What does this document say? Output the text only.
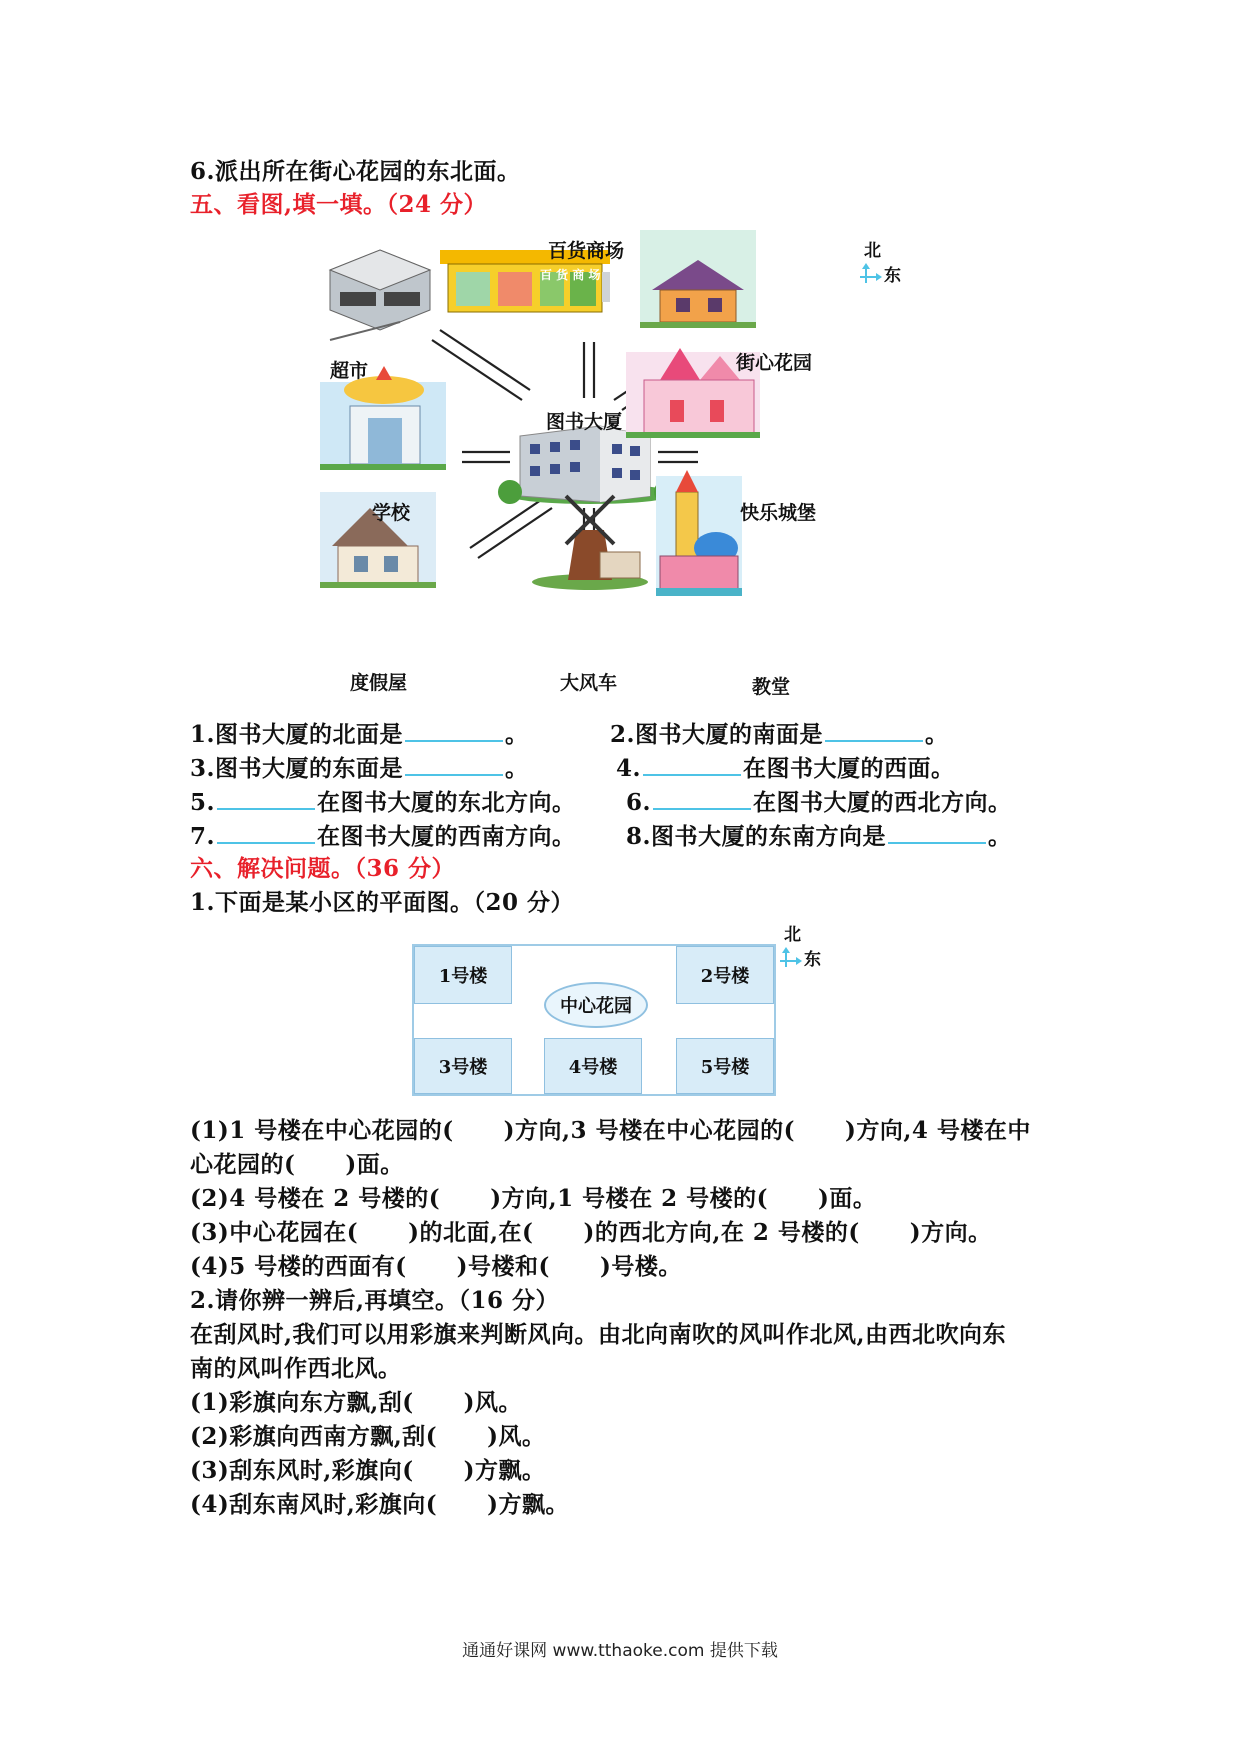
6.派出所在街心花园的东北面。
五、看图,填一填。（24 分）
百货商场
百 货 商 场
超市	街心花园
图书大厦
学校	快乐城堡
度假屋	大风车	教堂
北
东
1.图书大厦的北面是	。	2.图书大厦的南面是	。
3.图书大厦的东面是	。	4.	在图书大厦的西面。
5.	在图书大厦的东北方向。 6.	在图书大厦的西北方向。
7.	在图书大厦的西南方向。 8.图书大厦的东南方向是	。
六、解决问题。（36 分）
1.下面是某小区的平面图。（20 分）
1号楼	2号楼
3号楼	4号楼	5号楼
中心花园
北
东
(1)1 号楼在中心花园的( )方向,3 号楼在中心花园的( )方向,4 号楼在中
心花园的( )面。
(2)4 号楼在 2 号楼的( )方向,1 号楼在 2 号楼的( )面。
(3)中心花园在( )的北面,在( )的西北方向,在 2 号楼的( )方向。
(4)5 号楼的西面有( )号楼和( )号楼。
2.请你辨一辨后,再填空。（16 分）
在刮风时,我们可以用彩旗来判断风向。由北向南吹的风叫作北风,由西北吹向东
南的风叫作西北风。
(1)彩旗向东方飘,刮( )风。
(2)彩旗向西南方飘,刮( )风。
(3)刮东风时,彩旗向( )方飘。
(4)刮东南风时,彩旗向( )方飘。
通通好课网 www.tthaoke.com 提供下载
